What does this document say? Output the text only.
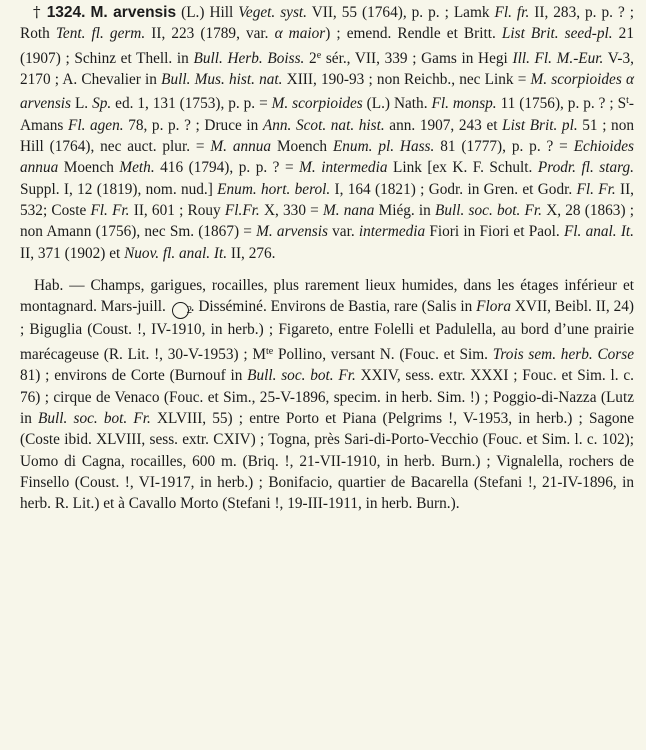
† 1324. M. arvensis (L.) Hill Veget. syst. VII, 55 (1764), p. p. ; Lamk Fl. fr. II, 283, p. p. ? ; Roth Tent. fl. germ. II, 223 (1789, var. α maior) ; emend. Rendle et Britt. List Brit. seed-pl. 21 (1907) ; Schinz et Thell. in Bull. Herb. Boiss. 2e sér., VII, 339 ; Gams in Hegi Ill. Fl. M.-Eur. V-3, 2170 ; A. Chevalier in Bull. Mus. hist. nat. XIII, 190-93 ; non Reichb., nec Link = M. scorpioides α arvensis L. Sp. ed. 1, 131 (1753), p. p. = M. scorpioides (L.) Nath. Fl. monsp. 11 (1756), p. p. ? ; $S^t$-Amans Fl. agen. 78, p. p. ? ; Druce in Ann. Scot. nat. hist. ann. 1907, 243 et List Brit. pl. 51 ; non Hill (1764), nec auct. plur. = M. annua Moench Enum. pl. Hass. 81 (1777), p. p. ? = Echioides annua Moench Meth. 416 (1794), p. p. ? = M. intermedia Link [ex K. F. Schult. Prodr. fl. starg. Suppl. I, 12 (1819), nom. nud.] Enum. hort. berol. I, 164 (1821) ; Godr. in Gren. et Godr. Fl. Fr. II, 532; Coste Fl. Fr. II, 601 ; Rouy Fl.Fr. X, 330 = M. nana Miég. in Bull. soc. bot. Fr. X, 28 (1863) ; non Amann (1756), nec Sm. (1867) = M. arvensis var. intermedia Fiori in Fiori et Paol. Fl. anal. It. II, 371 (1902) et Nuov. fl. anal. It. II, 276.

Hab. — Champs, garigues, rocailles, plus rarement lieux humides, dans les étages inférieur et montagnard. Mars-juill. 2. Disséminé. Environs de Bastia, rare (Salis in Flora XVII, Beibl. II, 24) ; Biguglia (Coust. !, IV-1910, in herb.) ; Figareto, entre Folelli et Padulella, au bord d’une prairie marécageuse (R. Lit. !, 30-V-1953) ; $M^{te}$ Pollino, versant N. (Fouc. et Sim. Trois sem. herb. Corse 81) ; environs de Corte (Burnouf in Bull. soc. bot. Fr. XXIV, sess. extr. XXXI ; Fouc. et Sim. l. c. 76) ; cirque de Venaco (Fouc. et Sim., 25-V-1896, specim. in herb. Sim. !) ; Poggio-di-Nazza (Lutz in Bull. soc. bot. Fr. XLVIII, 55) ; entre Porto et Piana (Pelgrims !, V-1953, in herb.) ; Sagone (Coste ibid. XLVIII, sess. extr. CXIV) ; Togna, près Sari-di-Porto-Vecchio (Fouc. et Sim. l. c. 102); Uomo di Cagna, rocailles, 600 m. (Briq. !, 21-VII-1910, in herb. Burn.) ; Vignalella, rochers de Finsello (Coust. !, VI-1917, in herb.) ; Bonifacio, quartier de Bacarella (Stefani !, 21-IV-1896, in herb. R. Lit.) et à Cavallo Morto (Stefani !, 19-III-1911, in herb. Burn.).
